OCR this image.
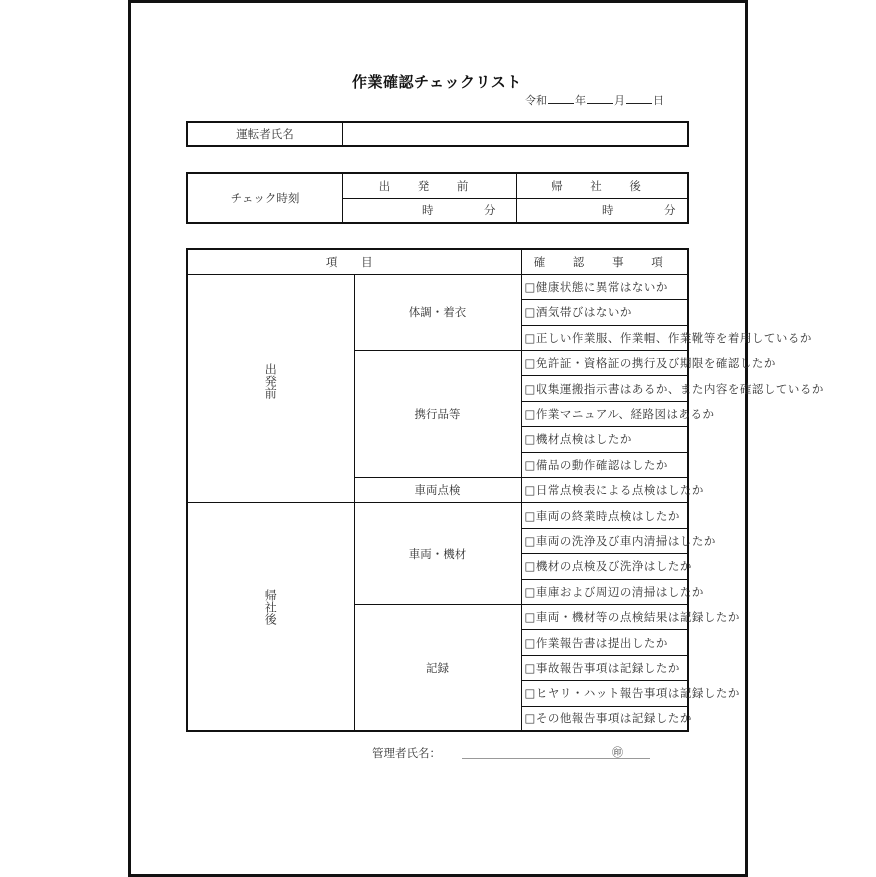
作業確認チェックリスト
令和	年	月	日
運転者氏名	
チェック時刻	出 発 前	帰 社 後
	時 分	時 分
項 目		確 認 事 項
出発前	体調・着衣	□健康状態に異常はないか
		□酒気帯びはないか
		□正しい作業服、作業帽、作業靴等を着用しているか
	携行品等	□免許証・資格証の携行及び期限を確認したか
		□収集運搬指示書はあるか、また内容を確認しているか
		□作業マニュアル、経路図はあるか
		□機材点検はしたか
		□備品の動作確認はしたか
	車両点検	□日常点検表による点検はしたか
帰社後	車両・機材	□車両の終業時点検はしたか
		□車両の洗浄及び車内清掃はしたか
		□機材の点検及び洗浄はしたか
		□車庫および周辺の清掃はしたか
	記録	□車両・機材等の点検結果は記録したか
		□作業報告書は提出したか
		□事故報告事項は記録したか
		□ヒヤリ・ハット報告事項は記録したか
		□その他報告事項は記録したか
管理者氏名：	㊞
